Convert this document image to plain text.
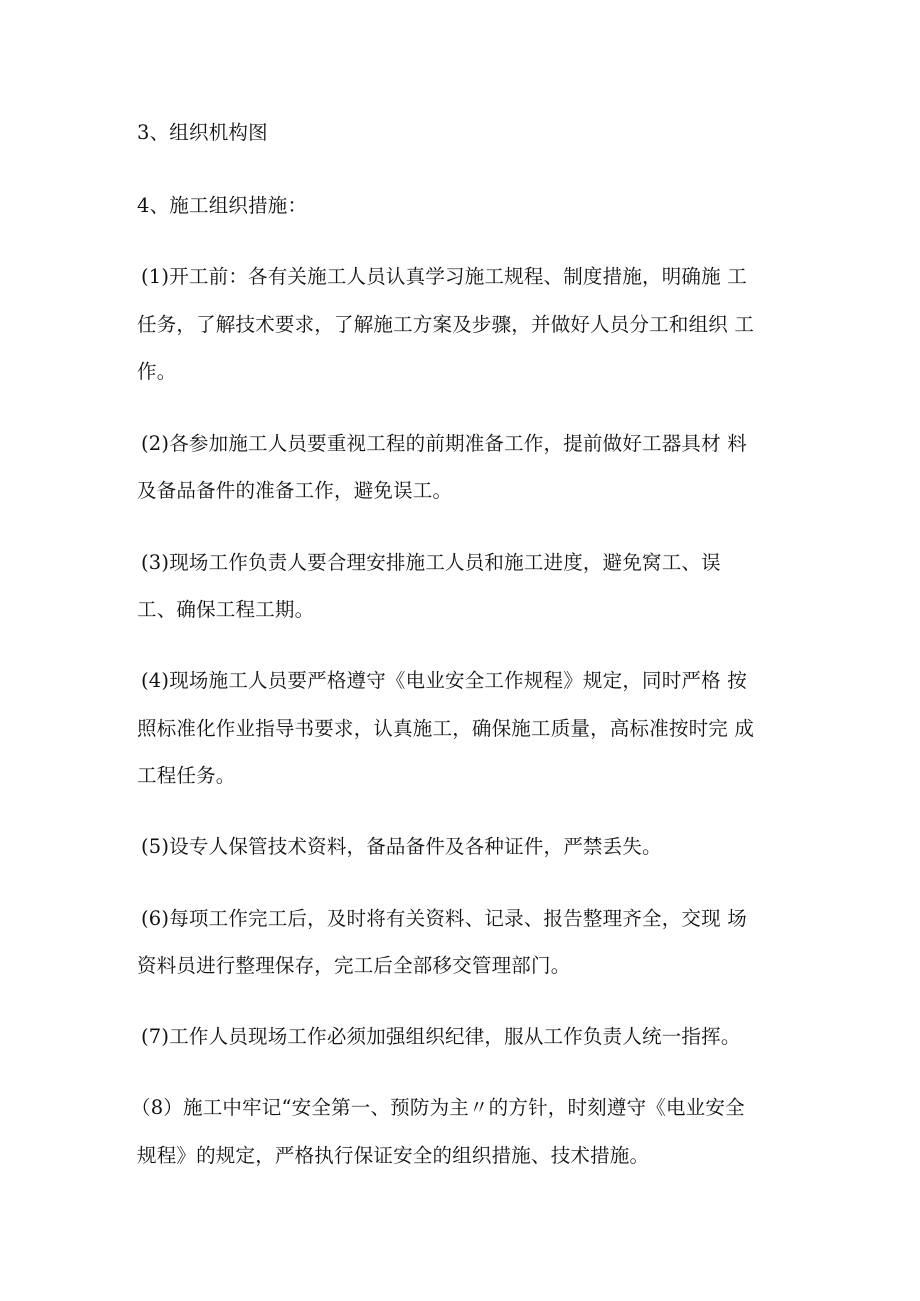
3、组织机构图

4、施工组织措施：

(1)开工前：各有关施工人员认真学习施工规程、制度措施，明确施 工

任务，了解技术要求，了解施工方案及步骤，并做好人员分工和组织 工

作。

(2)各参加施工人员要重视工程的前期准备工作，提前做好工器具材 料

及备品备件的准备工作，避免误工。

(3)现场工作负责人要合理安排施工人员和施工进度，避免窝工、误

工、确保工程工期。

(4)现场施工人员要严格遵守《电业安全工作规程》规定，同时严格 按

照标准化作业指导书要求，认真施工，确保施工质量，高标准按时完 成

工程任务。

(5)设专人保管技术资料，备品备件及各种证件，严禁丢失。

(6)每项工作完工后，及时将有关资料、记录、报告整理齐全，交现 场

资料员进行整理保存，完工后全部移交管理部门。

(7)工作人员现场工作必须加强组织纪律，服从工作负责人统一指挥。

（8）施工中牢记“安全第一、预防为主〃的方针，时刻遵守《电业安全

规程》的规定，严格执行保证安全的组织措施、技术措施。
